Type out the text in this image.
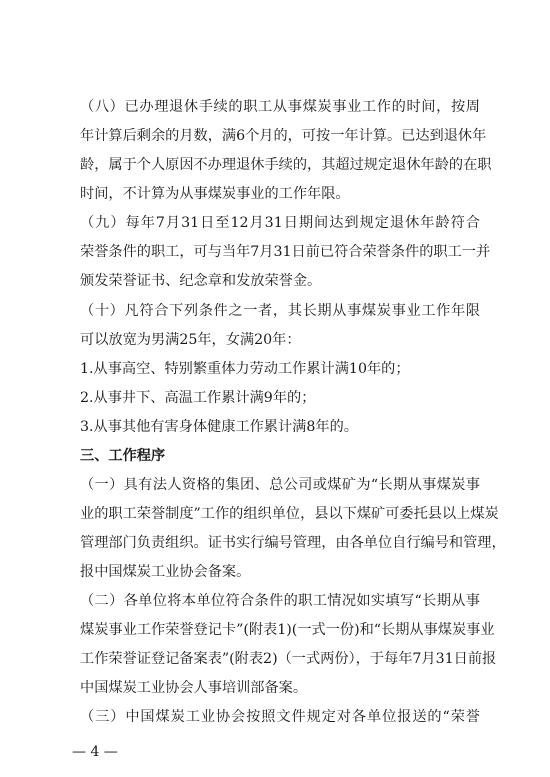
（八）已办理退休手续的职工从事煤炭事业工作的时间，按周
年计算后剩余的月数，满6个月的，可按一年计算。已达到退休年
龄，属于个人原因不办理退休手续的，其超过规定退休年龄的在职
时间，不计算为从事煤炭事业的工作年限。
（九）每年7月31日至12月31日期间达到规定退休年龄符合
荣誉条件的职工，可与当年7月31日前已符合荣誉条件的职工一并
颁发荣誉证书、纪念章和发放荣誉金。
（十）凡符合下列条件之一者，其长期从事煤炭事业工作年限
可以放宽为男满25年，女满20年：
1.从事高空、特别繁重体力劳动工作累计满10年的；
2.从事井下、高温工作累计满9年的；
3.从事其他有害身体健康工作累计满8年的。
三、工作程序
（一）具有法人资格的集团、总公司或煤矿为“长期从事煤炭事
业的职工荣誉制度”工作的组织单位，县以下煤矿可委托县以上煤炭
管理部门负责组织。证书实行编号管理，由各单位自行编号和管理，
报中国煤炭工业协会备案。
（二）各单位将本单位符合条件的职工情况如实填写“长期从事
煤炭事业工作荣誉登记卡”(附表1)(一式一份)和“长期从事煤炭事业
工作荣誉证登记备案表”(附表2)（一式两份），于每年7月31日前报
中国煤炭工业协会人事培训部备案。
（三）中国煤炭工业协会按照文件规定对各单位报送的“荣誉
— 4 —
